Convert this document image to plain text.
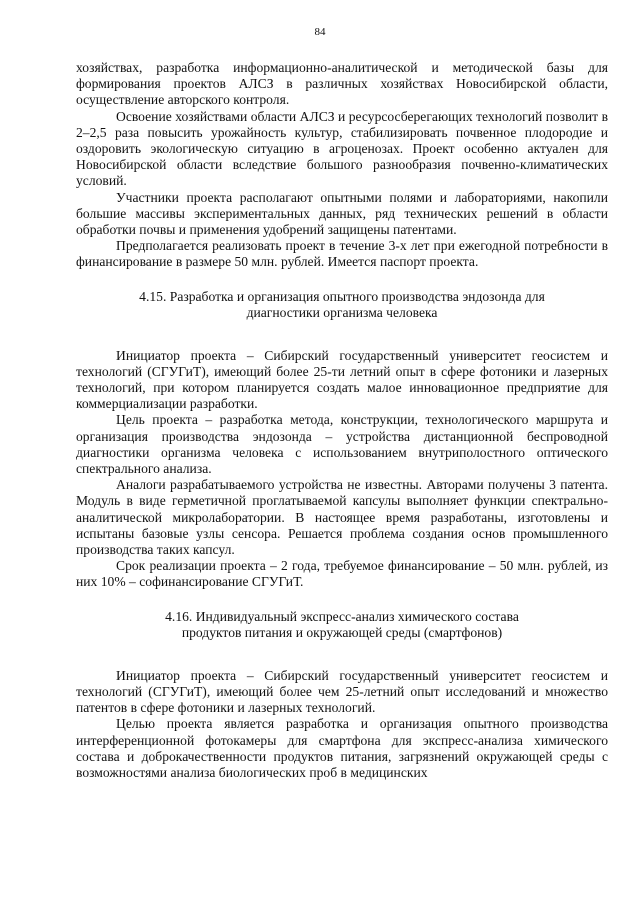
84

хозяйствах, разработка информационно-аналитической и методической базы для формирования проектов АЛСЗ в различных хозяйствах Новосибирской области, осуществление авторского контроля.

Освоение хозяйствами области АЛСЗ и ресурсосберегающих технологий позволит в 2–2,5 раза повысить урожайность культур, стабилизировать почвенное плодородие и оздоровить экологическую ситуацию в агроценозах. Проект особенно актуален для Новосибирской области вследствие большого разнообразия почвенно-климатических условий.

Участники проекта располагают опытными полями и лабораториями, накопили большие массивы экспериментальных данных, ряд технических решений в области обработки почвы и применения удобрений защищены патентами.

Предполагается реализовать проект в течение 3-х лет при ежегодной потребности в финансирование в размере 50 млн. рублей. Имеется паспорт проекта.

4.15. Разработка и организация опытного производства эндозонда для
диагностики организма человека

Инициатор проекта – Сибирский государственный университет геосистем и технологий (СГУГиТ), имеющий более 25-ти летний опыт в сфере фотоники и лазерных технологий, при котором планируется создать малое инновационное предприятие для коммерциализации разработки.

Цель проекта – разработка метода, конструкции, технологического маршрута и организация производства эндозонда – устройства дистанционной беспроводной диагностики организма человека с использованием внутриполостного оптического спектрального анализа.

Аналоги разрабатываемого устройства не известны. Авторами получены 3 патента. Модуль в виде герметичной проглатываемой капсулы выполняет функции спектрально-аналитической микролаборатории. В настоящее время разработаны, изготовлены и испытаны базовые узлы сенсора. Решается проблема создания основ промышленного производства таких капсул.

Срок реализации проекта – 2 года, требуемое финансирование – 50 млн. рублей, из них 10% – софинансирование СГУГиТ.

4.16. Индивидуальный экспресс-анализ химического состава
продуктов питания и окружающей среды (смартфонов)

Инициатор проекта – Сибирский государственный университет геосистем и технологий (СГУГиТ), имеющий более чем 25-летний опыт исследований и множество патентов в сфере фотоники и лазерных технологий.

Целью проекта является разработка и организация опытного производства интерференционной фотокамеры для смартфона для экспресс-анализа химического состава и доброкачественности продуктов питания, загрязнений окружающей среды с возможностями анализа биологических проб в медицинских
